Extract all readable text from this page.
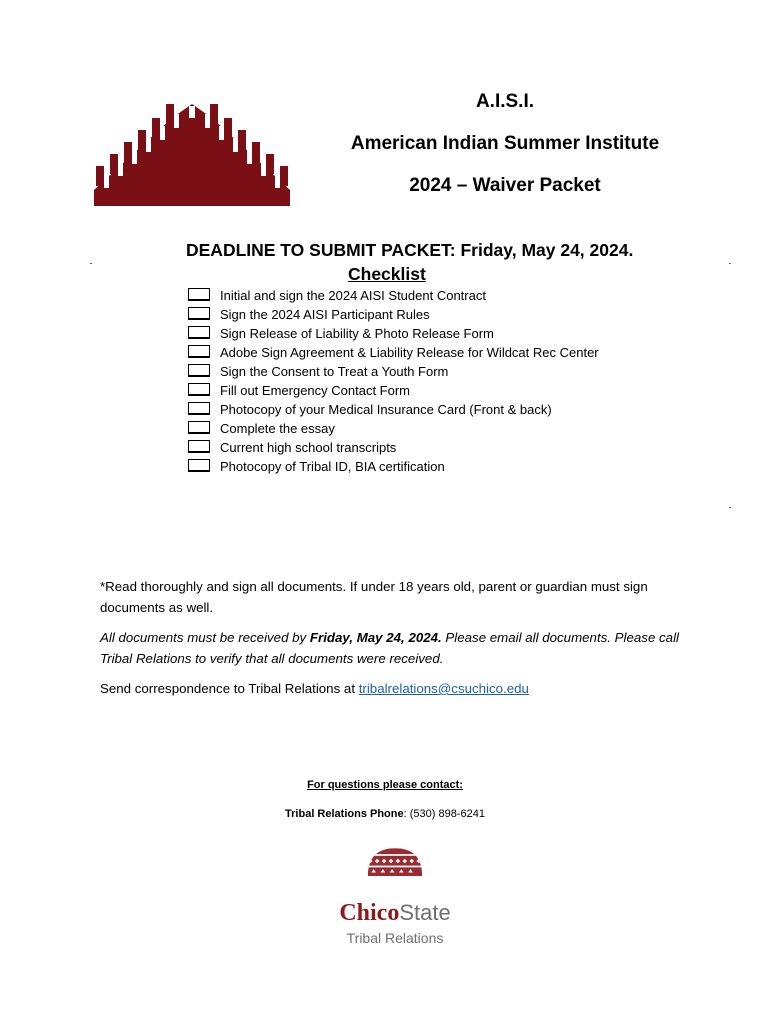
A.I.S.I.
American Indian Summer Institute
2024 – Waiver Packet
DEADLINE TO SUBMIT PACKET: Friday, May 24, 2024.
Checklist
Initial and sign the 2024 AISI Student Contract
Sign the 2024 AISI Participant Rules
Sign Release of Liability & Photo Release Form
Adobe Sign Agreement & Liability Release for Wildcat Rec Center
Sign the Consent to Treat a Youth Form
Fill out Emergency Contact Form
Photocopy of your Medical Insurance Card (Front & back)
Complete the essay
Current high school transcripts
Photocopy of Tribal ID, BIA certification
*Read thoroughly and sign all documents. If under 18 years old, parent or guardian must sign documents as well.
All documents must be received by Friday, May 24, 2024. Please email all documents. Please call Tribal Relations to verify that all documents were received.
Send correspondence to Tribal Relations at tribalrelations@csuchico.edu
For questions please contact:
Tribal Relations Phone: (530) 898-6241
ChicoState
Tribal Relations
